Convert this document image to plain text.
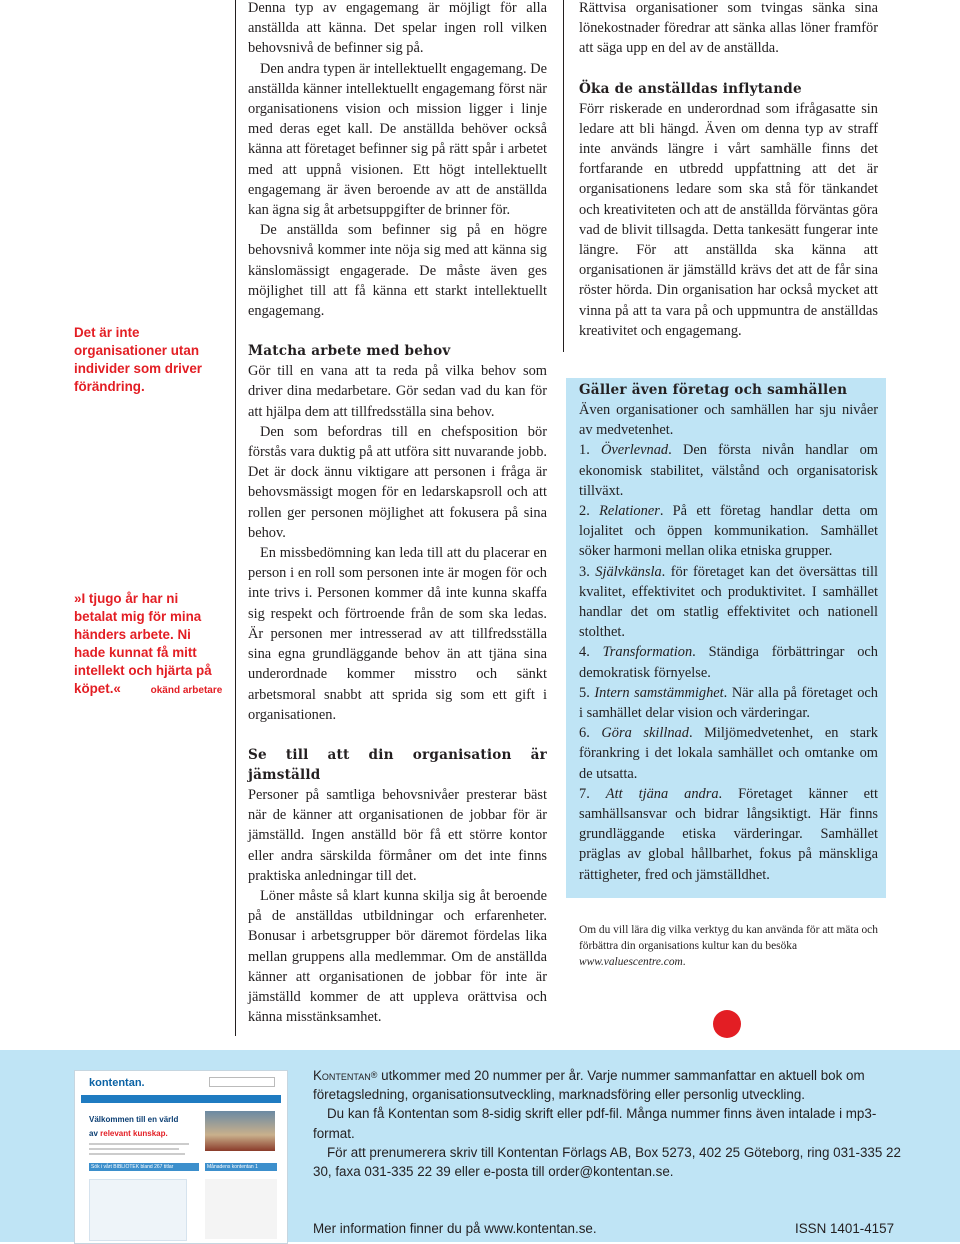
Det är inte organisationer utan individer som driver förändring.
»I tjugo år har ni betalat mig för mina händers arbete. Ni hade kunnat få mitt intellekt och hjärta på köpet.«	okänd arbetare

Denna typ av engagemang är möjligt för alla anställda att känna. Det spelar ingen roll vilken behovsnivå de befinner sig på.

Den andra typen är intellektuellt engagemang. De anställda känner intellektuellt engagemang först när organisationens vision och mission ligger i linje med deras eget kall. De anställda behöver också känna att företaget befinner sig på rätt spår i arbetet med att uppnå visionen. Ett högt intellektuellt engagemang är även beroende av att de anställda kan ägna sig åt arbetsuppgifter de brinner för.

De anställda som befinner sig på en högre behovsnivå kommer inte nöja sig med att känna sig känslomässigt engagerade. De måste även ges möjlighet till att få känna ett starkt intellektuellt engagemang.

Matcha arbete med behov

Gör till en vana att ta reda på vilka behov som driver dina medarbetare. Gör sedan vad du kan för att hjälpa dem att tillfredsställa sina behov.

Den som befordras till en chefsposition bör förstås vara duktig på att utföra sitt nuvarande jobb. Det är dock ännu viktigare att personen i fråga är behovsmässigt mogen för en ledarskapsroll och att rollen ger personen möjlighet att fokusera på sina behov.

En missbedömning kan leda till att du placerar en person i en roll som personen inte är mogen för och inte trivs i. Personen kommer då inte kunna skaffa sig respekt och förtroende från de som ska ledas. Är personen mer intresserad av att tillfredsställa sina egna grundläggande behov än att tjäna sina underordnade kommer misstro och sänkt arbetsmoral snabbt att sprida sig som ett gift i organisationen.

Se till att din organisation är jämställd

Personer på samtliga behovsnivåer presterar bäst när de känner att organisationen de jobbar för är jämställd. Ingen anställd bör få ett större kontor eller andra särskilda förmåner om det inte finns praktiska anledningar till det.

Löner måste så klart kunna skilja sig åt beroende på de anställdas utbildningar och erfarenheter. Bonusar i arbetsgrupper bör däremot fördelas lika mellan gruppens alla medlemmar. Om de anställda känner att organisationen de jobbar för inte är jämställd kommer de att uppleva orättvisa och känna misstänksamhet.

Rättvisa organisationer som tvingas sänka sina lönekostnader föredrar att sänka allas löner framför att säga upp en del av de anställda.

Öka de anställdas inflytande

Förr riskerade en underordnad som ifrågasatte sin ledare att bli hängd. Även om denna typ av straff inte används längre i vårt samhälle finns det fortfarande en utbredd uppfattning att det är organisationens ledare som ska stå för tänkandet och kreativiteten och att de anställda förväntas göra vad de blivit tillsagda. Detta tankesätt fungerar inte längre. För att anställda ska känna att organisationen är jämställd krävs det att de får sina röster hörda. Din organisation har också mycket att vinna på att ta vara på och uppmuntra de anställdas kreativitet och engagemang.

Gäller även företag och samhällen

Även organisationer och samhällen har sju nivåer av medvetenhet.

1. Överlevnad. Den första nivån handlar om ekonomisk stabilitet, välstånd och organisatorisk tillväxt.

2. Relationer. På ett företag handlar detta om lojalitet och öppen kommunikation. Samhället söker harmoni mellan olika etniska grupper.

3. Självkänsla. för företaget kan det översättas till kvalitet, effektivitet och produktivitet. I samhället handlar det om statlig effektivitet och nationell stolthet.

4. Transformation. Ständiga förbättringar och demokratisk förnyelse.

5. Intern samstämmighet. När alla på företaget och i samhället delar vision och värderingar.

6. Göra skillnad. Miljömedvetenhet, en stark förankring i det lokala samhället och omtanke om de utsatta.

7. Att tjäna andra. Företaget känner ett samhällsansvar och bidrar långsiktigt. Här finns grundläggande etiska värderingar. Samhället präglas av global hållbarhet, fokus på mänskliga rättigheter, fred och jämställdhet.

Om du vill lära dig vilka verktyg du kan använda för att mäta och förbättra din organisations kultur kan du besöka www.valuescentre.com.
kontentan.
Välkommen till en värld
av relevant kunskap.
Sök i vårt BIBLIOTEK bland 267 titlar	Månadens kontentan 1

Kontentan® utkommer med 20 nummer per år. Varje nummer sammanfattar en aktuell bok om företagsledning, organisationsutveckling, marknadsföring eller personlig utveckling.

Du kan få Kontentan som 8-sidig skrift eller pdf-fil. Många nummer finns även intalade i mp3-format.

För att prenumerera skriv till Kontentan Förlags AB, Box 5273, 402 25 Göteborg, ring 031-335 22 30, faxa 031-335 22 39 eller e-posta till order@kontentan.se.

Mer information finner du på www.kontentan.se.	ISSN 1401-4157
